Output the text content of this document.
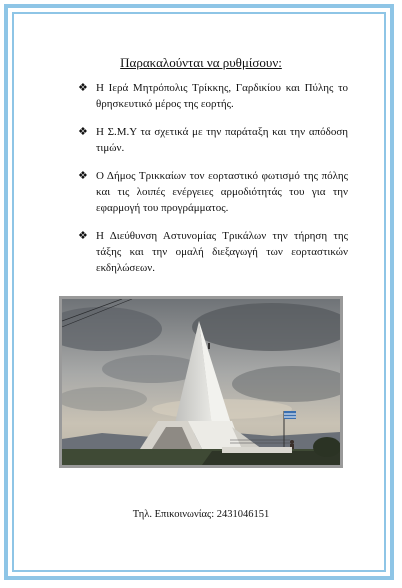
Παρακαλούνται να ρυθμίσουν:
❖ Η Ιερά Μητρόπολις Τρίκκης, Γαρδικίου και Πύλης το θρησκευτικό μέρος της εορτής.
❖ Η Σ.Μ.Υ τα σχετικά με την παράταξη και την απόδοση τιμών.
❖ Ο Δήμος Τρικκαίων τον εορταστικό φωτισμό της πόλης και τις λοιπές ενέργειες αρμοδιότητάς του για την εφαρμογή του προγράμματος.
❖ Η Διεύθυνση Αστυνομίας Τρικάλων την τήρηση της τάξης και την ομαλή διεξαγωγή των εορταστικών εκδηλώσεων.
Τηλ. Επικοινωνίας: 2431046151
